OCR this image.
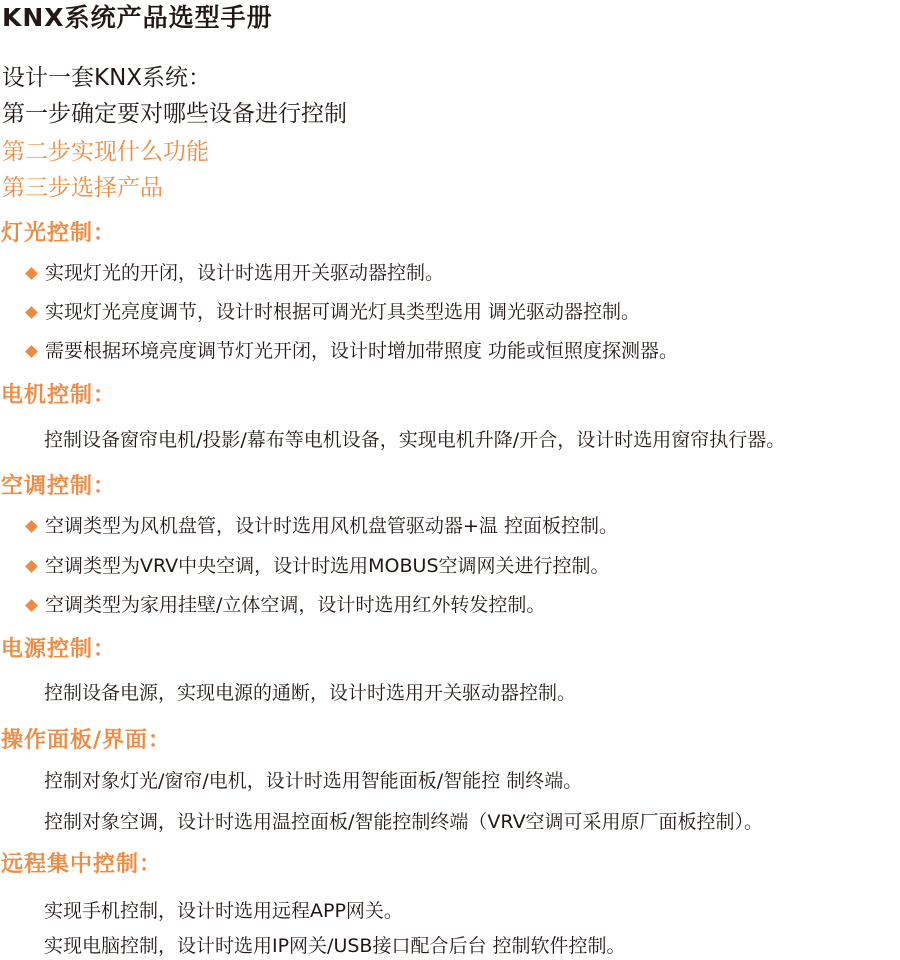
KNX系统产品选型手册
设计一套KNX系统：
第一步确定要对哪些设备进行控制
第二步实现什么功能
第三步选择产品
灯光控制：
实现灯光的开闭，设计时选用开关驱动器控制。
实现灯光亮度调节，设计时根据可调光灯具类型选用 调光驱动器控制。
需要根据环境亮度调节灯光开闭，设计时增加带照度 功能或恒照度探测器。
电机控制：
控制设备窗帘电机/投影/幕布等电机设备，实现电机升降/开合，设计时选用窗帘执行器。
空调控制：
空调类型为风机盘管，设计时选用风机盘管驱动器+温 控面板控制。
空调类型为VRV中央空调，设计时选用MOBUS空调网关进行控制。
空调类型为家用挂壁/立体空调，设计时选用红外转发控制。
电源控制：
控制设备电源，实现电源的通断，设计时选用开关驱动器控制。
操作面板/界面：
控制对象灯光/窗帘/电机，设计时选用智能面板/智能控 制终端。
控制对象空调，设计时选用温控面板/智能控制终端（VRV空调可采用原厂面板控制）。
远程集中控制：
实现手机控制，设计时选用远程APP网关。
实现电脑控制，设计时选用IP网关/USB接口配合后台 控制软件控制。
